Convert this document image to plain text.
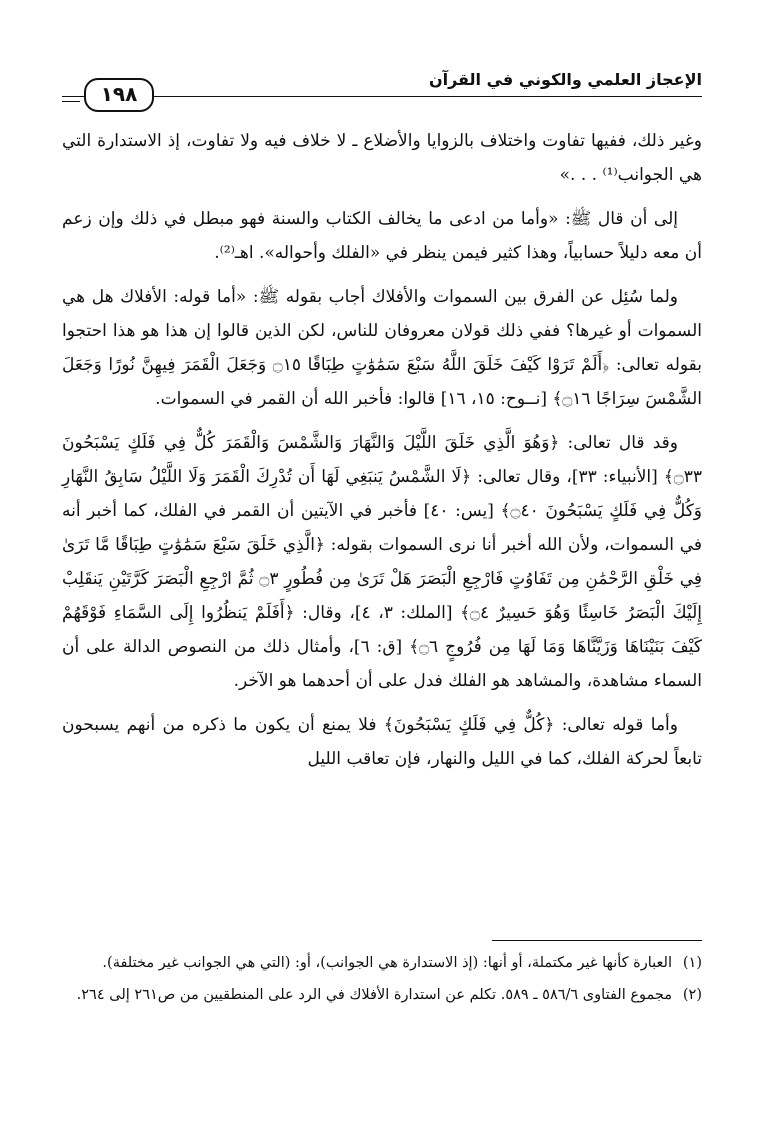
الإعجاز العلمي والكوني في القرآن
١٩٨

وغير ذلك، ففيها تفاوت واختلاف بالزوايا والأضلاع ـ لا خلاف فيه ولا تفاوت، إذ الاستدارة التي هي الجوانب⁽¹⁾ . . .»

إلى أن قال ﷺ: «وأما من ادعى ما يخالف الكتاب والسنة فهو مبطل في ذلك وإن زعم أن معه دليلاً حسابياً، وهذا كثير فيمن ينظر في «الفلك وأحواله». اهـ⁽²⁾.

ولما سُئِل عن الفرق بين السموات والأفلاك أجاب بقوله ﷺ: «أما قوله: الأفلاك هل هي السموات أو غيرها؟ ففي ذلك قولان معروفان للناس، لكن الذين قالوا إن هذا هو هذا احتجوا بقوله تعالى: ﴿أَلَمْ تَرَوْا كَيْفَ خَلَقَ اللَّهُ سَبْعَ سَمَٰوَٰتٍ طِبَاقًا ۝١٥ وَجَعَلَ الْقَمَرَ فِيهِنَّ نُورًا وَجَعَلَ الشَّمْسَ سِرَاجًا ۝١٦﴾ [نــوح: ١٥، ١٦] قالوا: فأخبر الله أن القمر في السموات.

وقد قال تعالى: ﴿وَهُوَ الَّذِي خَلَقَ اللَّيْلَ وَالنَّهَارَ وَالشَّمْسَ وَالْقَمَرَ كُلٌّ فِي فَلَكٍ يَسْبَحُونَ ۝٣٣﴾ [الأنبياء: ٣٣]، وقال تعالى: ﴿لَا الشَّمْسُ يَنبَغِي لَهَا أَن تُدْرِكَ الْقَمَرَ وَلَا اللَّيْلُ سَابِقُ النَّهَارِ وَكُلٌّ فِي فَلَكٍ يَسْبَحُونَ ۝٤٠﴾ [يس: ٤٠] فأخبر في الآيتين أن القمر في الفلك، كما أخبر أنه في السموات، ولأن الله أخبر أنا نرى السموات بقوله: ﴿الَّذِي خَلَقَ سَبْعَ سَمَٰوَٰتٍ طِبَاقًا مَّا تَرَىٰ فِي خَلْقِ الرَّحْمَٰنِ مِن تَفَاوُتٍ فَارْجِعِ الْبَصَرَ هَلْ تَرَىٰ مِن فُطُورٍ ۝٣ ثُمَّ ارْجِعِ الْبَصَرَ كَرَّتَيْنِ يَنقَلِبْ إِلَيْكَ الْبَصَرُ خَاسِئًا وَهُوَ حَسِيرٌ ۝٤﴾ [الملك: ٣، ٤]، وقال: ﴿أَفَلَمْ يَنظُرُوا إِلَى السَّمَاءِ فَوْقَهُمْ كَيْفَ بَنَيْنَاهَا وَزَيَّنَّاهَا وَمَا لَهَا مِن فُرُوجٍ ۝٦﴾ [ق: ٦]، وأمثال ذلك من النصوص الدالة على أن السماء مشاهدة، والمشاهد هو الفلك فدل على أن أحدهما هو الآخر.

وأما قوله تعالى: ﴿كُلٌّ فِي فَلَكٍ يَسْبَحُونَ﴾ فلا يمنع أن يكون ما ذكره من أنهم يسبحون تابعاً لحركة الفلك، كما في الليل والنهار، فإن تعاقب الليل

(١)
العبارة كأنها غير مكتملة، أو أنها: (إذ الاستدارة هي الجوانب)، أو: (التي هي الجوانب غير مختلفة).
(٢)
مجموع الفتاوى ٥٨٦/٦ ـ ٥٨٩. تكلم عن استدارة الأفلاك في الرد على المنطقيين من ص٢٦١ إلى ٢٦٤.
